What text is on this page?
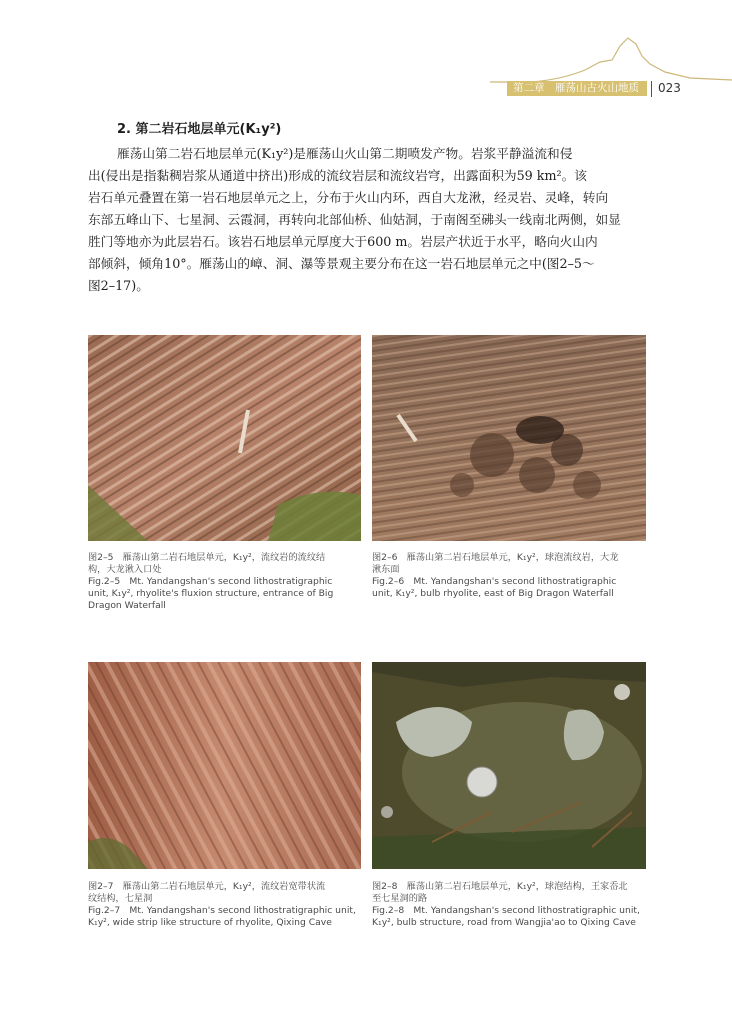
第二章 雁荡山古火山地质 023
2. 第二岩石地层单元(K₁y²)
雁荡山第二岩石地层单元(K₁y²)是雁荡山火山第二期喷发产物。岩浆平静溢流和侵
出(侵出是指黏稠岩浆从通道中挤出)形成的流纹岩层和流纹岩穹，出露面积为59 km²。该
岩石单元叠置在第一岩石地层单元之上，分布于火山内环，西自大龙湫，经灵岩、灵峰，转向
东部五峰山下、七星洞、云霞洞，再转向北部仙桥、仙姑洞，于南阁至砩头一线南北两侧，如显
胜门等地亦为此层岩石。该岩石地层单元厚度大于600 m。岩层产状近于水平，略向火山内
部倾斜，倾角10°。雁荡山的嶂、洞、瀑等景观主要分布在这一岩石地层单元之中(图2–5～
图2–17)。
图2–5　雁荡山第二岩石地层单元，K₁y²，流纹岩的流纹结
构，大龙湫入口处
Fig.2–5　Mt. Yandangshan's second lithostratigraphic
unit, K₁y², rhyolite's fluxion structure, entrance of Big
Dragon Waterfall
图2–6　雁荡山第二岩石地层单元，K₁y²，球泡流纹岩，大龙
湫东面
Fig.2–6　Mt. Yandangshan's second lithostratigraphic
unit, K₁y², bulb rhyolite, east of Big Dragon Waterfall
图2–7　雁荡山第二岩石地层单元，K₁y²，流纹岩宽带状流
纹结构，七星洞
Fig.2–7　Mt. Yandangshan's second lithostratigraphic unit,
K₁y², wide strip like structure of rhyolite, Qixing Cave
图2–8　雁荡山第二岩石地层单元，K₁y²，球泡结构，王家岙北
至七星洞的路
Fig.2–8　Mt. Yandangshan's second lithostratigraphic unit,
K₁y², bulb structure, road from Wangjia'ao to Qixing Cave
